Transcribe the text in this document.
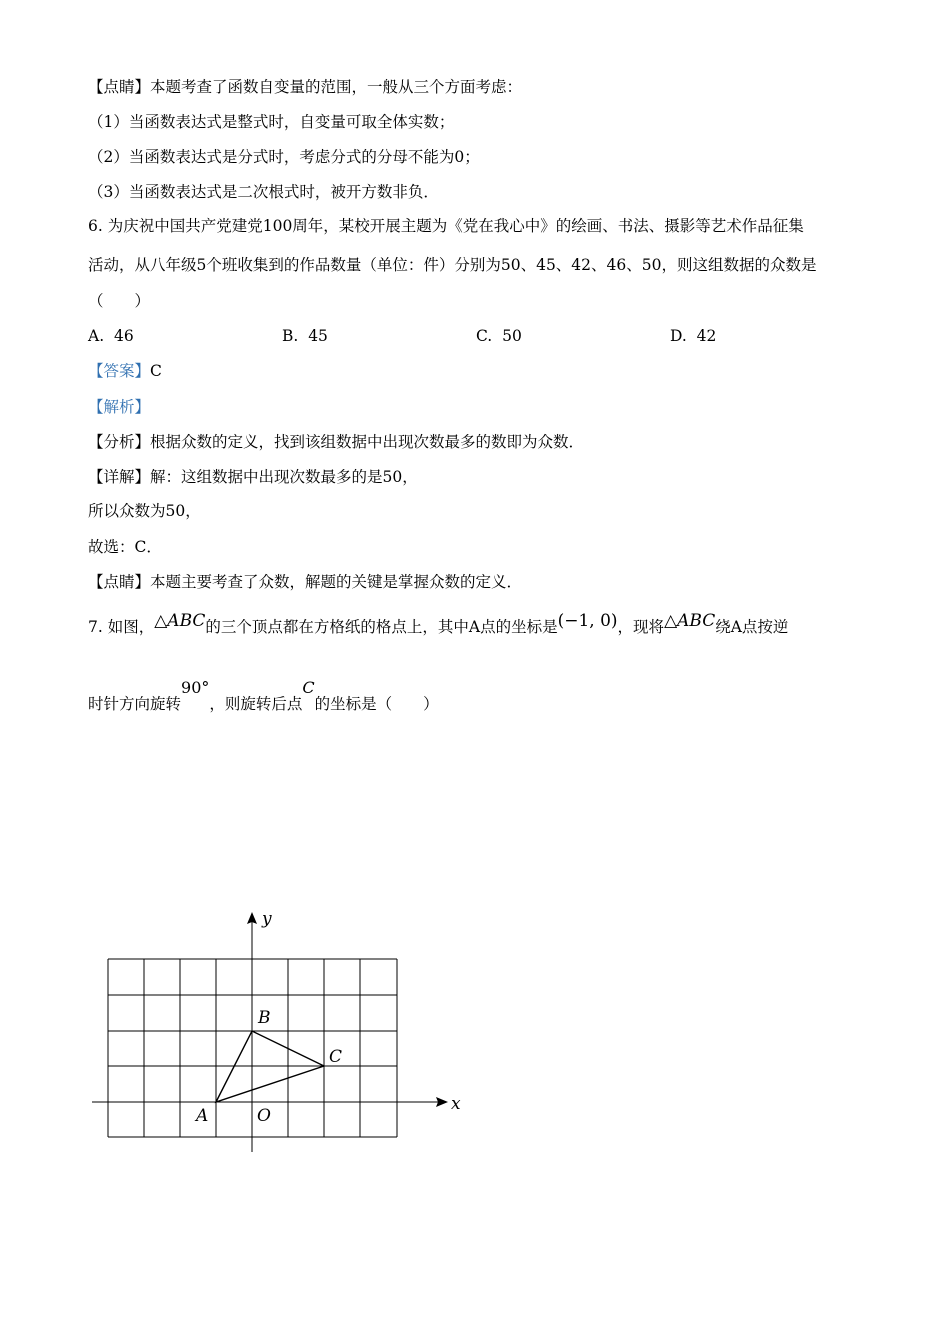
【点睛】本题考查了函数自变量的范围，一般从三个方面考虑：
（1）当函数表达式是整式时，自变量可取全体实数；
（2）当函数表达式是分式时，考虑分式的分母不能为0；
（3）当函数表达式是二次根式时，被开方数非负．
6. 为庆祝中国共产党建党100周年，某校开展主题为《党在我心中》的绘画、书法、摄影等艺术作品征集
活动，从八年级5个班收集到的作品数量（单位：件）分别为50、45、42、46、50，则这组数据的众数是
（　　）
A. 46	B. 45	C. 50	D. 42
【答案】C
【解析】
【分析】根据众数的定义，找到该组数据中出现次数最多的数即为众数．
【详解】解：这组数据中出现次数最多的是50，
所以众数为50，
故选：C．
【点睛】本题主要考查了众数，解题的关键是掌握众数的定义．
7. 如图，△ABC的三个顶点都在方格纸的格点上，其中A点的坐标是(−1, 0)，现将△ABC绕A点按逆
时针方向旋转90°，则旋转后点C的坐标是（　　）
y
x
A
B
C
O
